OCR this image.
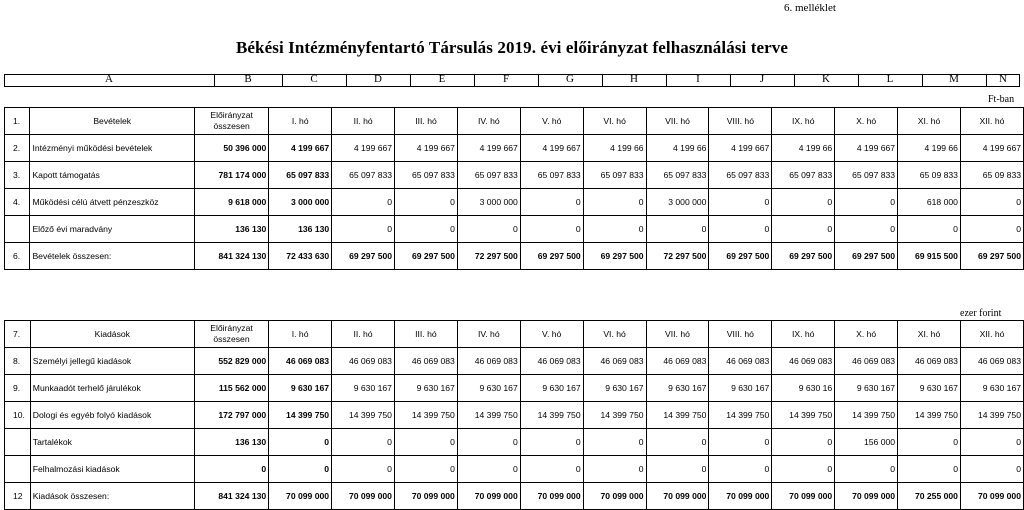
6. melléklet
Békési Intézményfentartó Társulás 2019. évi előirányzat felhasználási terve
A	B	C	D	E	F	G	H	I	J	K	L	M	N
Ft-ban
1.	Bevételek	Előirányzat
összesen	I. hó	II. hó	III. hó	IV. hó	V. hó	VI. hó	VII. hó	VIII. hó	IX. hó	X. hó	XI. hó	XII. hó
2.	Intézményi működési bevételek	50 396 000	4 199 667	4 199 667	4 199 667	4 199 667	4 199 667	4 199 66	4 199 66	4 199 667	4 199 66	4 199 667	4 199 66	4 199 667
3.	Kapott támogatás	781 174 000	65 097 833	65 097 833	65 097 833	65 097 833	65 097 833	65 097 833	65 097 833	65 097 833	65 097 833	65 097 833	65 09 833	65 09 833
4.	Működési célú átvett pénzeszköz	9 618 000	3 000 000	0	0	3 000 000	0	0	3 000 000	0	0	0	618 000	0
	Előző évi maradvány	136 130	136 130	0	0	0	0	0	0	0	0	0	0	0
6.	Bevételek összesen:	841 324 130	72 433 630	69 297 500	69 297 500	72 297 500	69 297 500	69 297 500	72 297 500	69 297 500	69 297 500	69 297 500	69 915 500	69 297 500
ezer forint
7.	Kiadások	Előirányzat
összesen	I. hó	II. hó	III. hó	IV. hó	V. hó	VI. hó	VII. hó	VIII. hó	IX. hó	X. hó	XI. hó	XII. hó
8.	Személyi jellegű kiadások	552 829 000	46 069 083	46 069 083	46 069 083	46 069 083	46 069 083	46 069 083	46 069 083	46 069 083	46 069 083	46 069 083	46 069 083	46 069 083
9.	Munkaadót terhelő járulékok	115 562 000	9 630 167	9 630 167	9 630 167	9 630 167	9 630 167	9 630 167	9 630 167	9 630 167	9 630 16	9 630 167	9 630 167	9 630 167
10.	Dologi és egyéb folyó kiadások	172 797 000	14 399 750	14 399 750	14 399 750	14 399 750	14 399 750	14 399 750	14 399 750	14 399 750	14 399 750	14 399 750	14 399 750	14 399 750
	Tartalékok	136 130	0	0	0	0	0	0	0	0	0	156 000	0	0
	Felhalmozási kiadások	0	0	0	0	0	0	0	0	0	0	0	0	0
12	Kiadások összesen:	841 324 130	70 099 000	70 099 000	70 099 000	70 099 000	70 099 000	70 099 000	70 099 000	70 099 000	70 099 000	70 099 000	70 255 000	70 099 000
